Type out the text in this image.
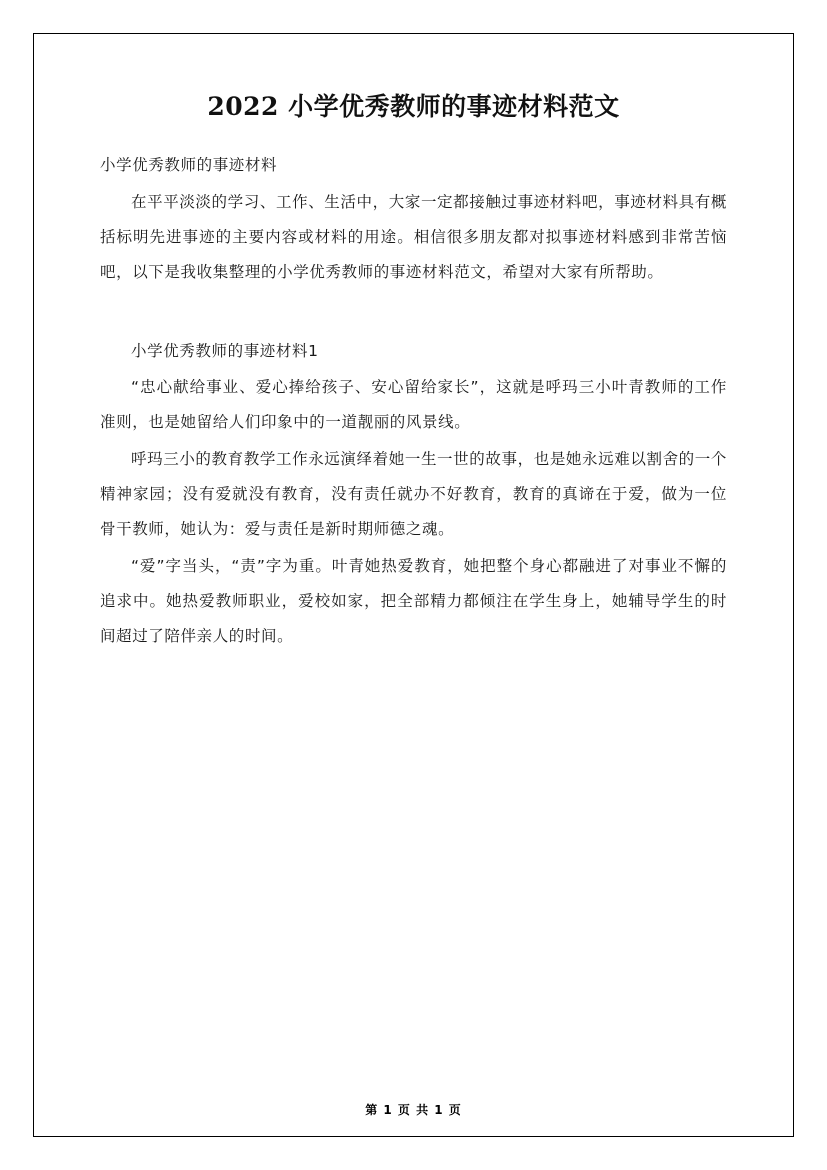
2022 小学优秀教师的事迹材料范文

小学优秀教师的事迹材料

在平平淡淡的学习、工作、生活中，大家一定都接触过事迹材料吧，事迹材料具有概括标明先进事迹的主要内容或材料的用途。相信很多朋友都对拟事迹材料感到非常苦恼吧，以下是我收集整理的小学优秀教师的事迹材料范文，希望对大家有所帮助。

小学优秀教师的事迹材料1

“忠心献给事业、爱心捧给孩子、安心留给家长”，这就是呼玛三小叶青教师的工作准则，也是她留给人们印象中的一道靓丽的风景线。

呼玛三小的教育教学工作永远演绎着她一生一世的故事，也是她永远难以割舍的一个精神家园；没有爱就没有教育，没有责任就办不好教育，教育的真谛在于爱，做为一位骨干教师，她认为：爱与责任是新时期师德之魂。

“爱”字当头，“责”字为重。叶青她热爱教育，她把整个身心都融进了对事业不懈的追求中。她热爱教师职业，爱校如家，把全部精力都倾注在学生身上，她辅导学生的时间超过了陪伴亲人的时间。

第 1 页 共 1 页
